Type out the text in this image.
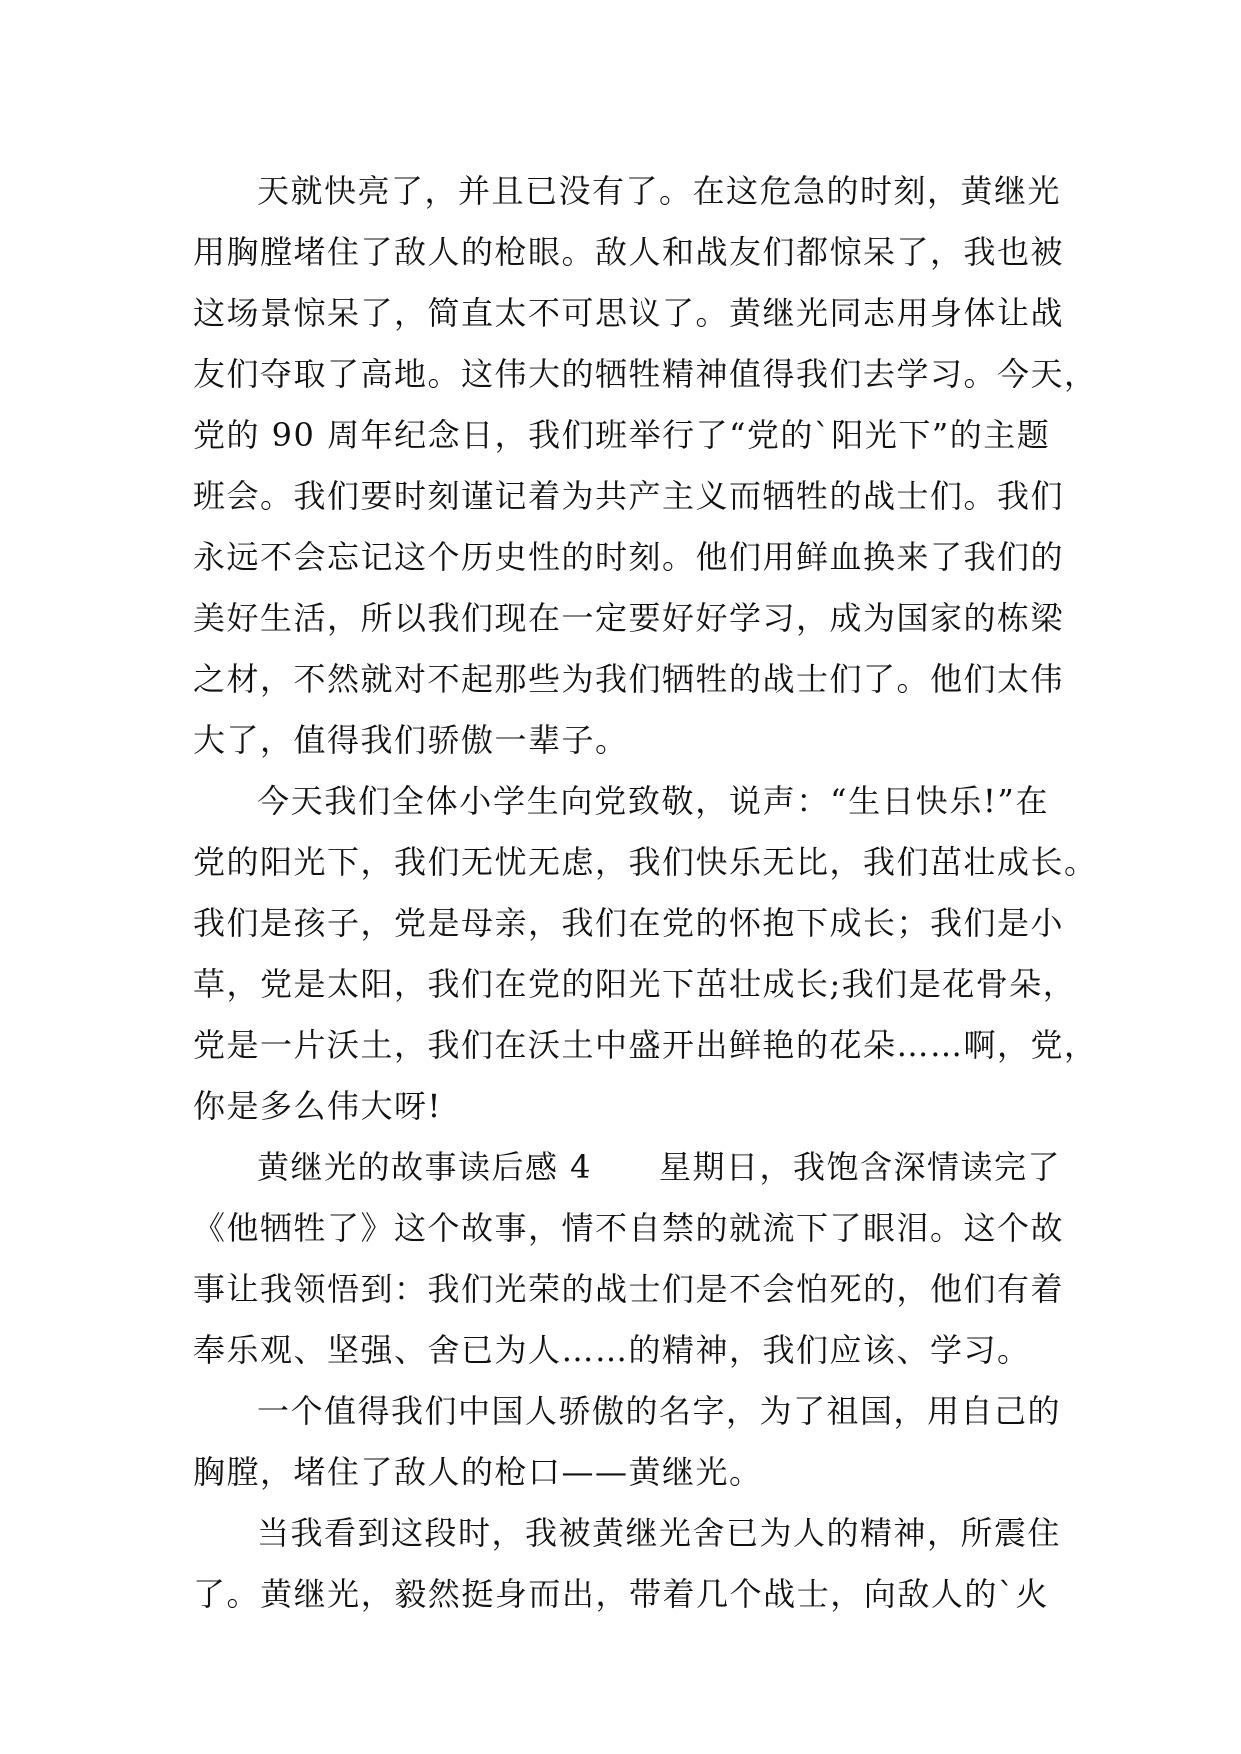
天就快亮了，并且已没有了。在这危急的时刻，黄继光
用胸膛堵住了敌人的枪眼。敌人和战友们都惊呆了，我也被
这场景惊呆了，简直太不可思议了。黄继光同志用身体让战
友们夺取了高地。这伟大的牺牲精神值得我们去学习。今天，
党的 90 周年纪念日，我们班举行了“党的`阳光下”的主题
班会。我们要时刻谨记着为共产主义而牺牲的战士们。我们
永远不会忘记这个历史性的时刻。他们用鲜血换来了我们的
美好生活，所以我们现在一定要好好学习，成为国家的栋梁
之材，不然就对不起那些为我们牺牲的战士们了。他们太伟
大了，值得我们骄傲一辈子。
今天我们全体小学生向党致敬，说声：“生日快乐!”在
党的阳光下，我们无忧无虑，我们快乐无比，我们茁壮成长。
我们是孩子，党是母亲，我们在党的怀抱下成长；我们是小
草，党是太阳，我们在党的阳光下茁壮成长;我们是花骨朵，
党是一片沃土，我们在沃土中盛开出鲜艳的花朵……啊，党，
你是多么伟大呀!
黄继光的故事读后感 4　　星期日，我饱含深情读完了
《他牺牲了》这个故事，情不自禁的就流下了眼泪。这个故
事让我领悟到：我们光荣的战士们是不会怕死的，他们有着
奉乐观、坚强、舍已为人……的精神，我们应该、学习。
一个值得我们中国人骄傲的名字，为了祖国，用自己的
胸膛，堵住了敌人的枪口——黄继光。
当我看到这段时，我被黄继光舍已为人的精神，所震住
了。黄继光，毅然挺身而出，带着几个战士，向敌人的`火
